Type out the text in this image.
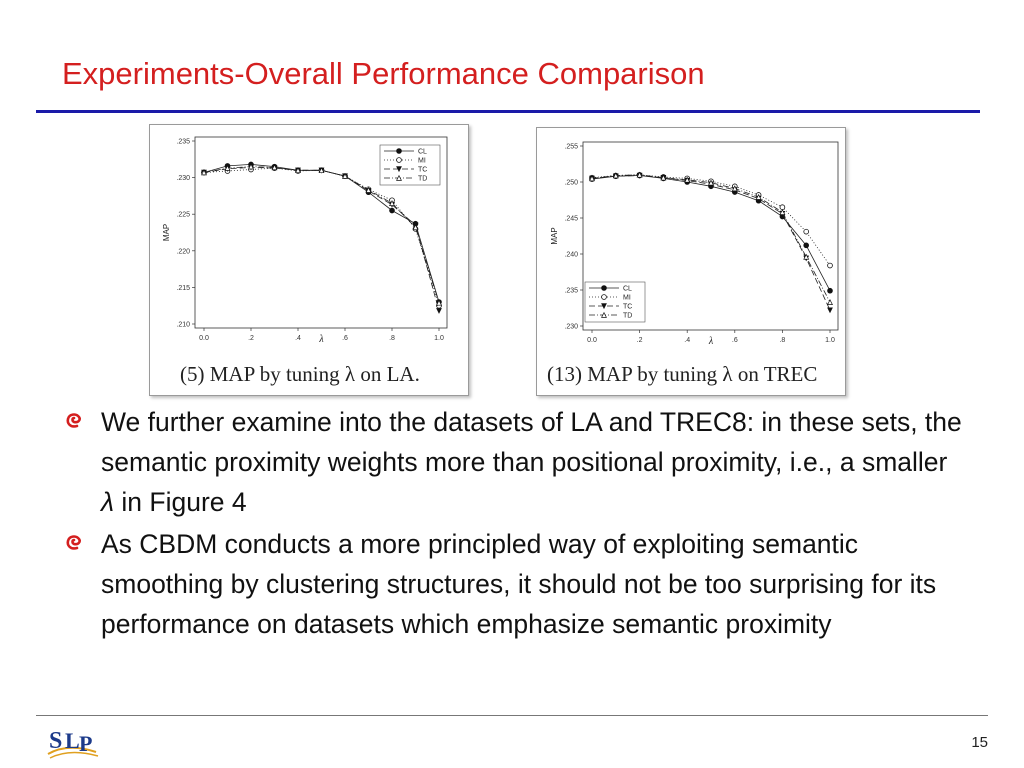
Experiments-Overall Performance Comparison
.210
.215
.220
.225
.230
.235
0.0	.2	.4	.6	.8	1.0
λ
MAP
CL
MI
TC
TD
(5) MAP by tuning λ on LA.
.230
.235
.240
.245
.250
.255
0.0	.2	.4	.6	.8	1.0
λ
MAP
CL
MI
TC
TD
(13) MAP by tuning λ on TREC
We further examine into the datasets of LA and TREC8: in these sets, the semantic proximity weights more than positional proximity, i.e., a smaller λ in Figure 4
As CBDM conducts a more principled way of exploiting semantic smoothing by clustering structures, it should not be too surprising for its performance on datasets which emphasize semantic proximity
S L P	15
